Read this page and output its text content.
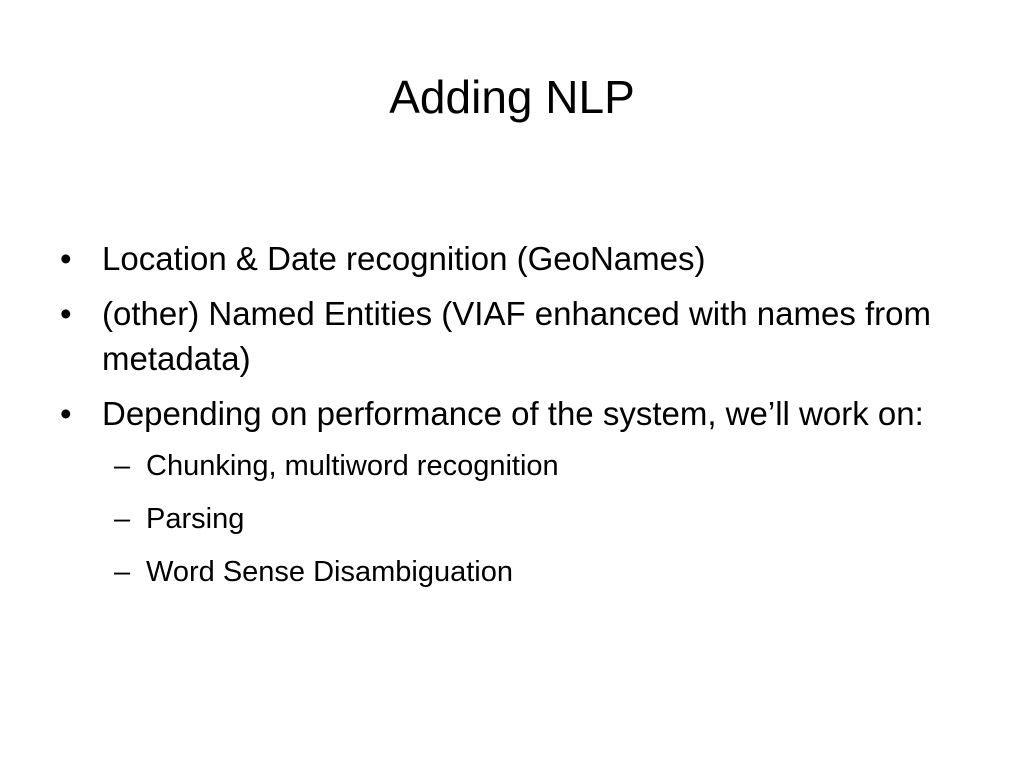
Adding NLP
• Location & Date recognition (GeoNames)
• (other) Named Entities (VIAF enhanced with names from metadata)
• Depending on performance of the system, we’ll work on:
– Chunking, multiword recognition
– Parsing
– Word Sense Disambiguation
